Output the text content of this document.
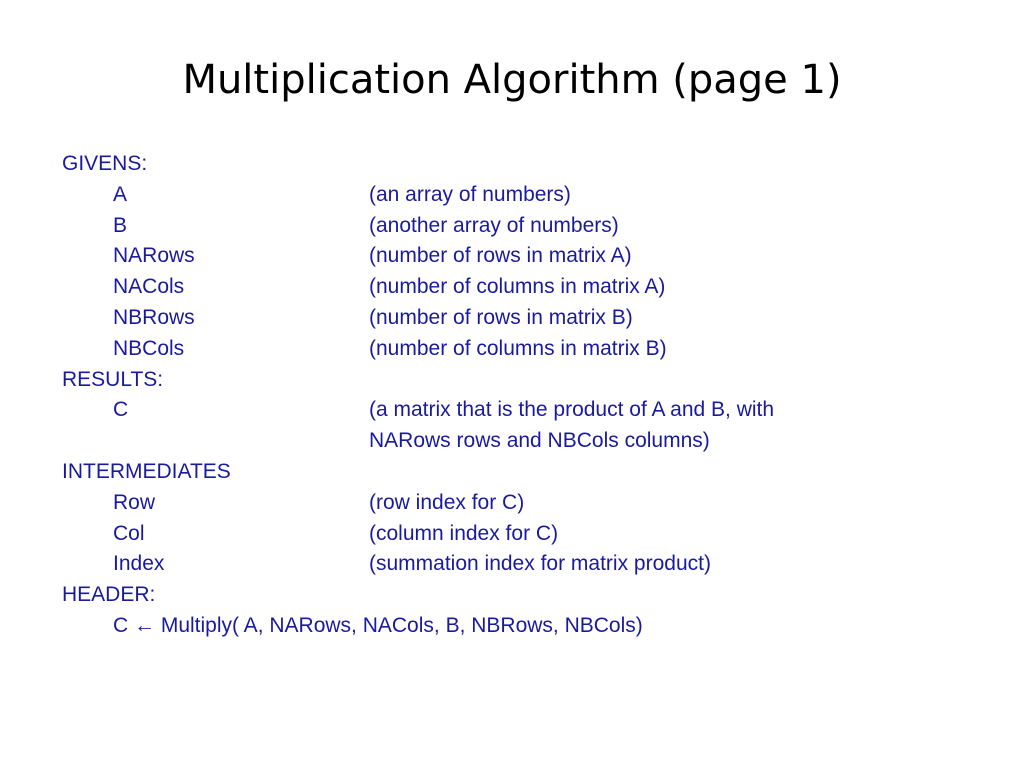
Multiplication Algorithm (page 1)
GIVENS:
A	(an array of numbers)
B	(another array of numbers)
NARows	(number of rows in matrix A)
NACols	(number of columns in matrix A)
NBRows	(number of rows in matrix B)
NBCols	(number of columns in matrix B)
RESULTS:
C	(a matrix that is the product of A and B, with
NARows rows and NBCols columns)
INTERMEDIATES
Row	(row index for C)
Col	(column index for C)
Index	(summation index for matrix product)
HEADER:
C ← Multiply( A, NARows, NACols, B, NBRows, NBCols)
